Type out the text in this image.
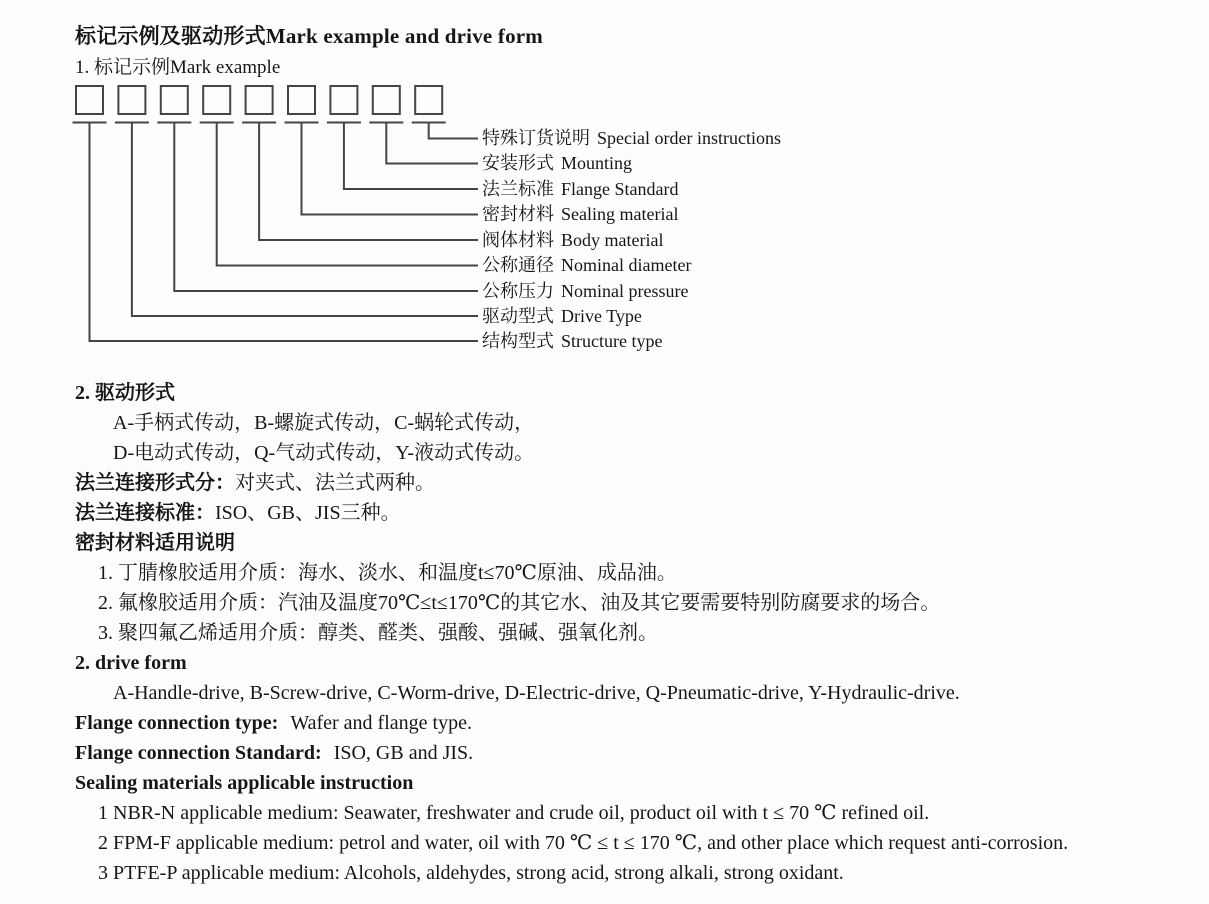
标记示例及驱动形式Mark example and drive form
1. 标记示例Mark example
特殊订货说明 Special order instructions
安装形式 Mounting
法兰标准 Flange Standard
密封材料 Sealing material
阀体材料 Body material
公称通径 Nominal diameter
公称压力 Nominal pressure
驱动型式 Drive Type
结构型式 Structure type
2. 驱动形式
A-手柄式传动，B-螺旋式传动，C-蜗轮式传动，
D-电动式传动，Q-气动式传动，Y-液动式传动。
法兰连接形式分：对夹式、法兰式两种。
法兰连接标准：ISO、GB、JIS三种。
密封材料适用说明
1. 丁腈橡胶适用介质：海水、淡水、和温度t≤70℃原油、成品油。
2. 氟橡胶适用介质：汽油及温度70℃≤t≤170℃的其它水、油及其它要需要特别防腐要求的场合。
3. 聚四氟乙烯适用介质：醇类、醛类、强酸、强碱、强氧化剂。
2. drive form
A-Handle-drive, B-Screw-drive, C-Worm-drive, D-Electric-drive, Q-Pneumatic-drive, Y-Hydraulic-drive.
Flange connection type: Wafer and flange type.
Flange connection Standard: ISO, GB and JIS.
Sealing materials applicable instruction
1 NBR-N applicable medium: Seawater, freshwater and crude oil, product oil with t ≤ 70 ℃ refined oil.
2 FPM-F applicable medium: petrol and water, oil with 70 ℃ ≤ t ≤ 170 ℃, and other place which request anti-corrosion.
3 PTFE-P applicable medium: Alcohols, aldehydes, strong acid, strong alkali, strong oxidant.
